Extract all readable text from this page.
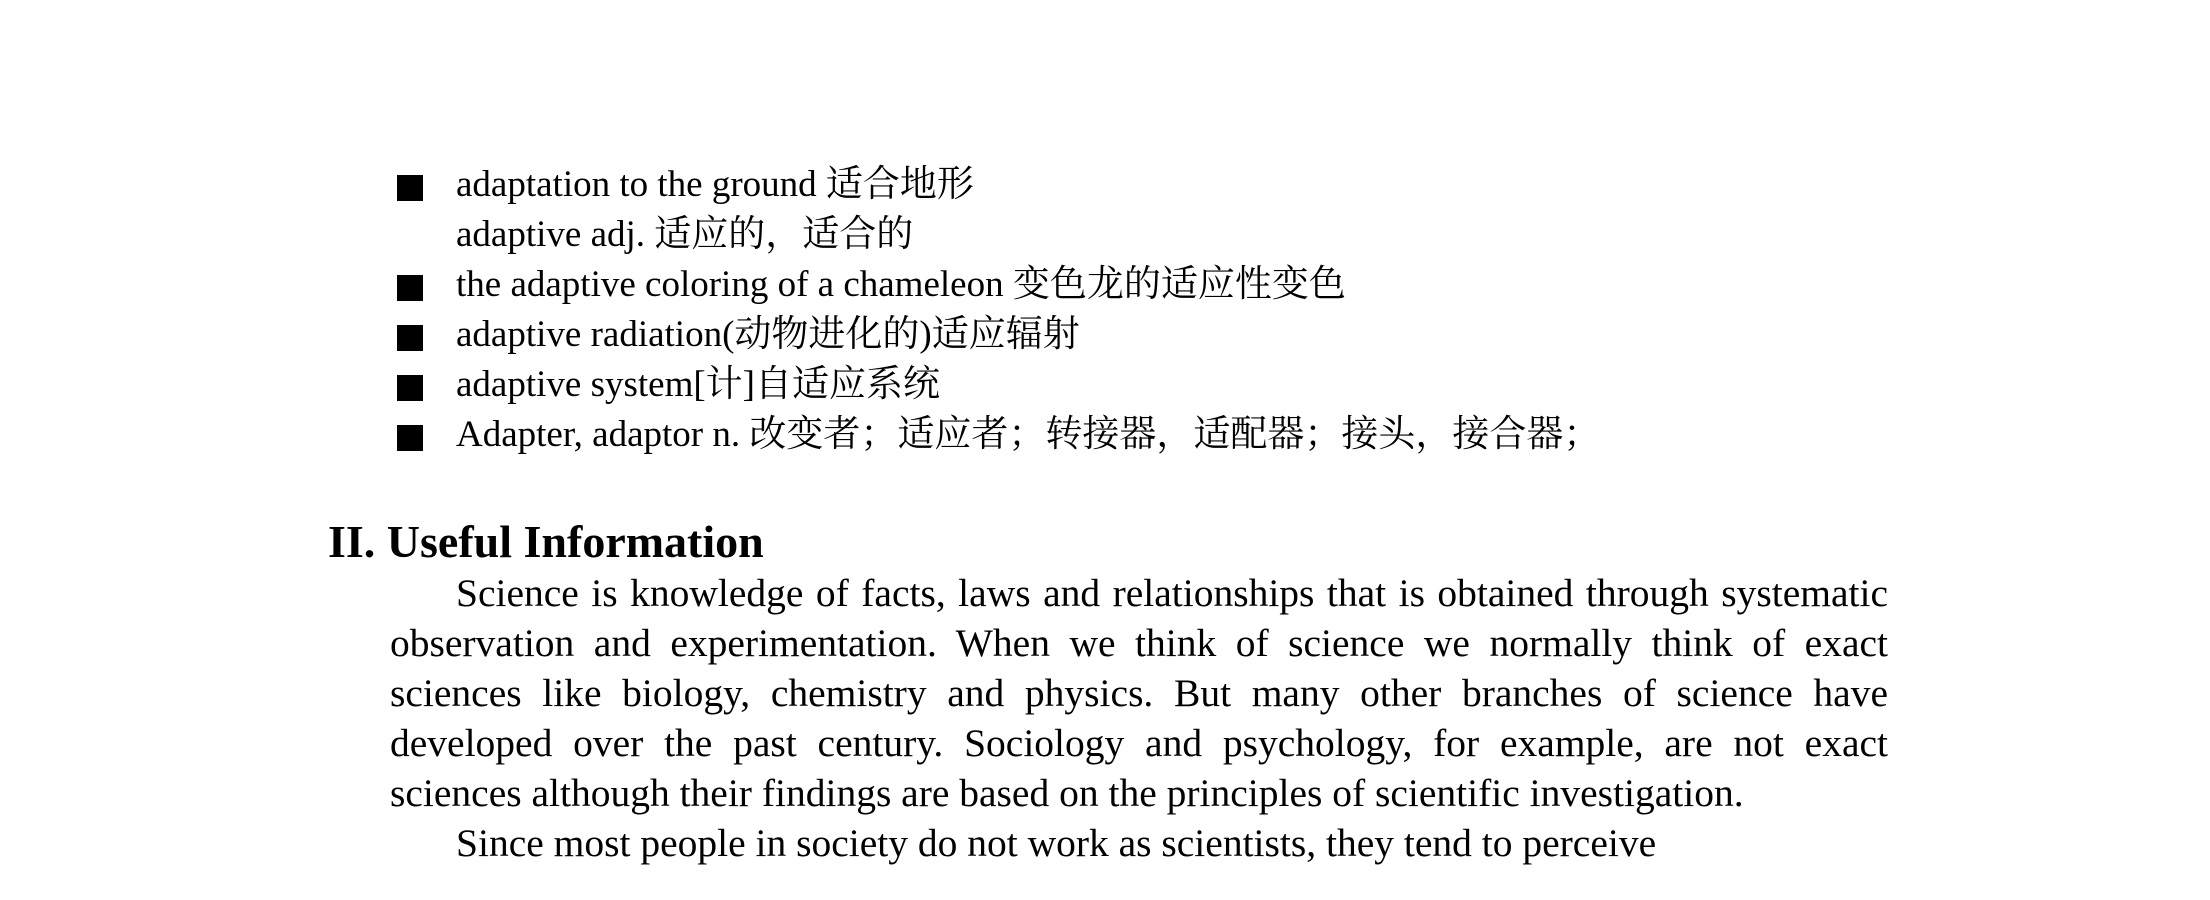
adaptation to the ground 适合地形
adaptive adj. 适应的，适合的
the adaptive coloring of a chameleon 变色龙的适应性变色
adaptive radiation(动物进化的)适应辐射
adaptive system[计]自适应系统
Adapter, adaptor n. 改变者；适应者；转接器，适配器；接头，接合器；
II. Useful Information

Science is knowledge of facts, laws and relationships that is obtained through systematic observation and experimentation. When we think of science we normally think of exact sciences like biology, chemistry and physics. But many other branches of science have developed over the past century. Sociology and psychology, for example, are not exact sciences although their findings are based on the principles of scientific investigation.

Since most people in society do not work as scientists, they tend to perceive
